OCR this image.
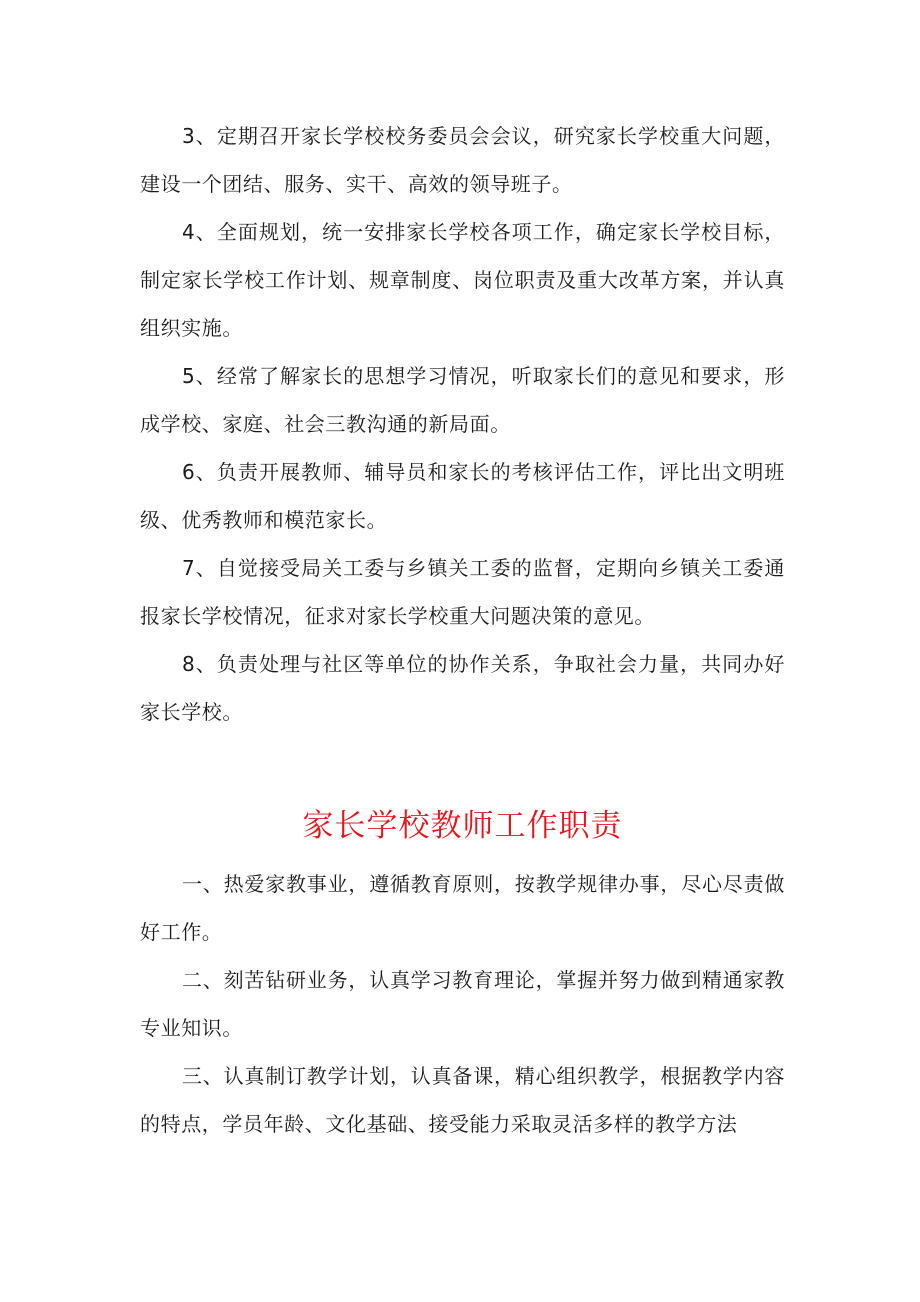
3、定期召开家长学校校务委员会会议，研究家长学校重大问题，建设一个团结、服务、实干、高效的领导班子。

4、全面规划，统一安排家长学校各项工作，确定家长学校目标，制定家长学校工作计划、规章制度、岗位职责及重大改革方案，并认真组织实施。

5、经常了解家长的思想学习情况，听取家长们的意见和要求，形成学校、家庭、社会三教沟通的新局面。

6、负责开展教师、辅导员和家长的考核评估工作，评比出文明班级、优秀教师和模范家长。

7、自觉接受局关工委与乡镇关工委的监督，定期向乡镇关工委通报家长学校情况，征求对家长学校重大问题决策的意见。

8、负责处理与社区等单位的协作关系，争取社会力量，共同办好家长学校。

家长学校教师工作职责

一、热爱家教事业，遵循教育原则，按教学规律办事，尽心尽责做好工作。

二、刻苦钻研业务，认真学习教育理论，掌握并努力做到精通家教专业知识。

三、认真制订教学计划，认真备课，精心组织教学，根据教学内容的特点，学员年龄、文化基础、接受能力采取灵活多样的教学方法
